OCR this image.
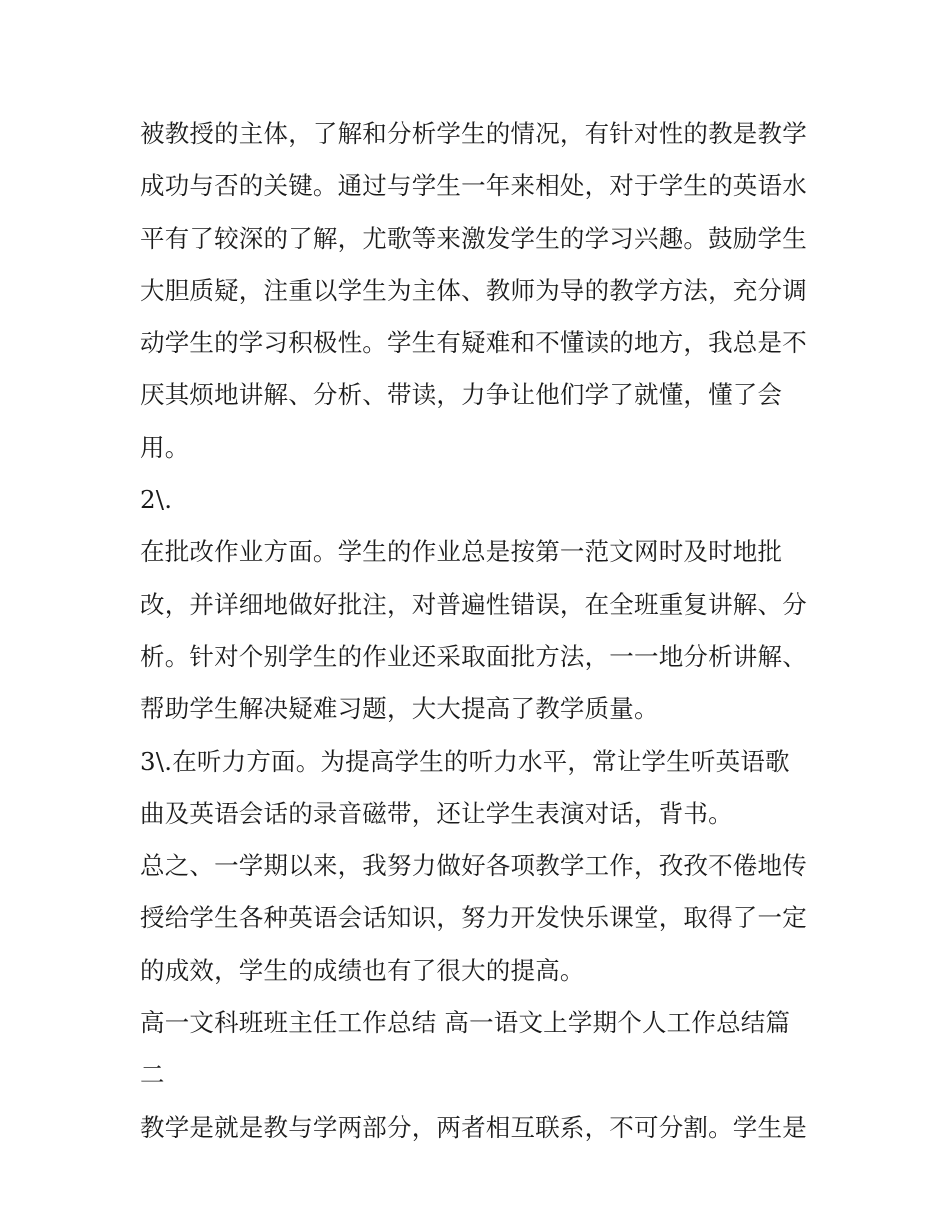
被教授的主体，了解和分析学生的情况，有针对性的教是教学
成功与否的关键。通过与学生一年来相处，对于学生的英语水
平有了较深的了解，尤歌等来激发学生的学习兴趣。鼓励学生
大胆质疑，注重以学生为主体、教师为导的教学方法，充分调
动学生的学习积极性。学生有疑难和不懂读的地方，我总是不
厌其烦地讲解、分析、带读，力争让他们学了就懂，懂了会
用。
2\.
在批改作业方面。学生的作业总是按第一范文网时及时地批
改，并详细地做好批注，对普遍性错误，在全班重复讲解、分
析。针对个别学生的作业还采取面批方法，一一地分析讲解、
帮助学生解决疑难习题，大大提高了教学质量。
3\.在听力方面。为提高学生的听力水平，常让学生听英语歌
曲及英语会话的录音磁带，还让学生表演对话，背书。
总之、一学期以来，我努力做好各项教学工作，孜孜不倦地传
授给学生各种英语会话知识，努力开发快乐课堂，取得了一定
的成效，学生的成绩也有了很大的提高。
高一文科班班主任工作总结 高一语文上学期个人工作总结篇
二
教学是就是教与学两部分，两者相互联系，不可分割。学生是
